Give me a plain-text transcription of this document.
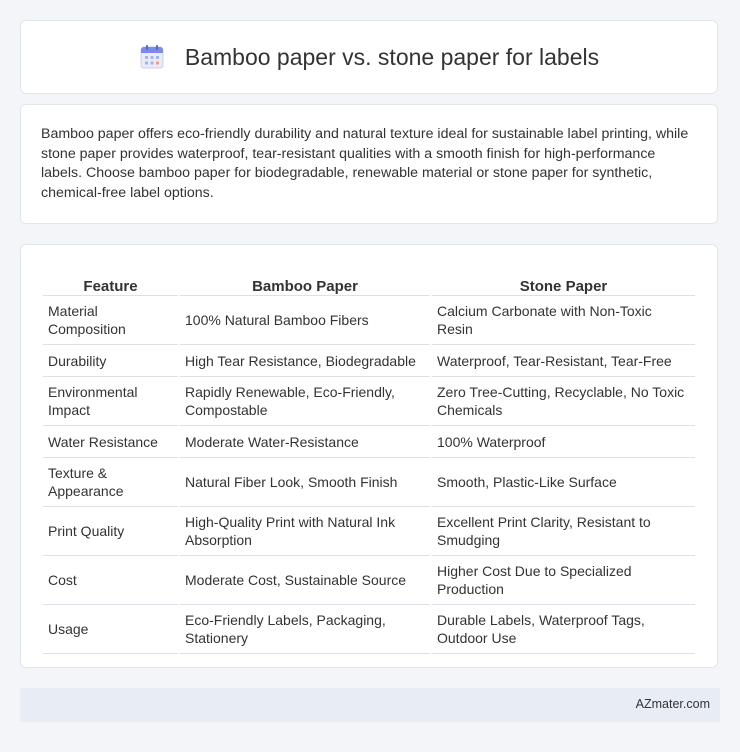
Bamboo paper vs. stone paper for labels

Bamboo paper offers eco-friendly durability and natural texture ideal for sustainable label printing, while stone paper provides waterproof, tear-resistant qualities with a smooth finish for high-performance labels. Choose bamboo paper for biodegradable, renewable material or stone paper for synthetic, chemical-free label options.

Feature	Bamboo Paper	Stone Paper
Material Composition	100% Natural Bamboo Fibers	Calcium Carbonate with Non-Toxic Resin
Durability	High Tear Resistance, Biodegradable	Waterproof, Tear-Resistant, Tear-Free
Environmental Impact	Rapidly Renewable, Eco-Friendly, Compostable	Zero Tree-Cutting, Recyclable, No Toxic Chemicals
Water Resistance	Moderate Water-Resistance	100% Waterproof
Texture & Appearance	Natural Fiber Look, Smooth Finish	Smooth, Plastic-Like Surface
Print Quality	High-Quality Print with Natural Ink Absorption	Excellent Print Clarity, Resistant to Smudging
Cost	Moderate Cost, Sustainable Source	Higher Cost Due to Specialized Production
Usage	Eco-Friendly Labels, Packaging, Stationery	Durable Labels, Waterproof Tags, Outdoor Use
AZmater.com
